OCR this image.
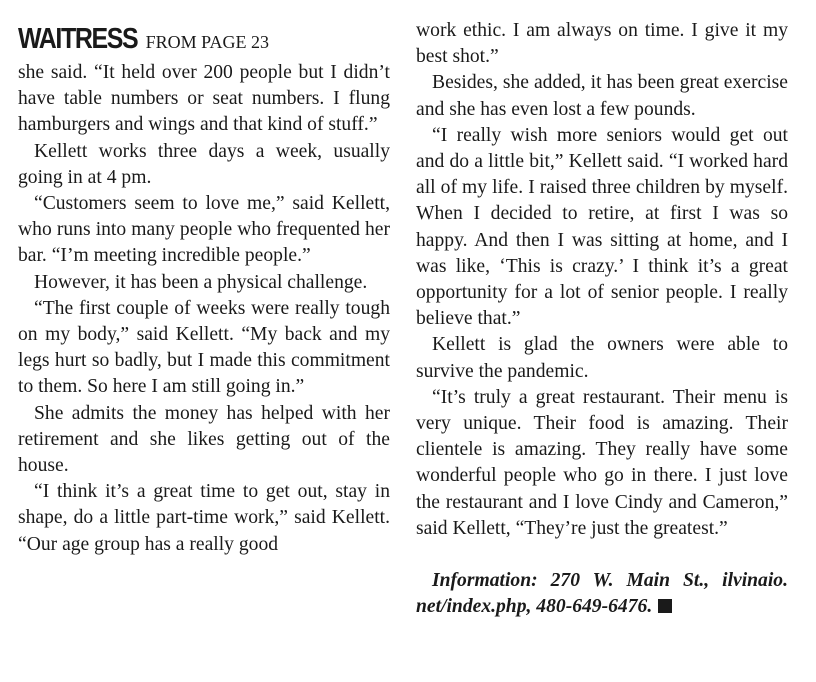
WAITRESS FROM PAGE 23

she said. “It held over 200 people but I didn’t have table numbers or seat numbers. I flung hamburgers and wings and that kind of stuff.”

Kellett works three days a week, usually going in at 4 pm.

“Customers seem to love me,” said Kellett, who runs into many people who frequented her bar. “I’m meeting incredible people.”

However, it has been a physical challenge.

“The first couple of weeks were really tough on my body,” said Kellett. “My back and my legs hurt so badly, but I made this commitment to them. So here I am still going in.”

She admits the money has helped with her retirement and she likes getting out of the house.

“I think it’s a great time to get out, stay in shape, do a little part-time work,” said Kellett. “Our age group has a really good

work ethic. I am always on time. I give it my best shot.”

Besides, she added, it has been great exercise and she has even lost a few pounds.

“I really wish more seniors would get out and do a little bit,” Kellett said. “I worked hard all of my life. I raised three children by myself. When I decided to retire, at first I was so happy. And then I was sitting at home, and I was like, ‘This is crazy.’ I think it’s a great opportunity for a lot of senior people. I really believe that.”

Kellett is glad the owners were able to survive the pandemic.

“It’s truly a great restaurant. Their menu is very unique. Their food is amazing. Their clientele is amazing. They really have some wonderful people who go in there. I just love the restaurant and I love Cindy and Cameron,” said Kellett, “They’re just the greatest.”

Information: 270 W. Main St., ilvinaio.​net/index.php, 480-649-6476.
